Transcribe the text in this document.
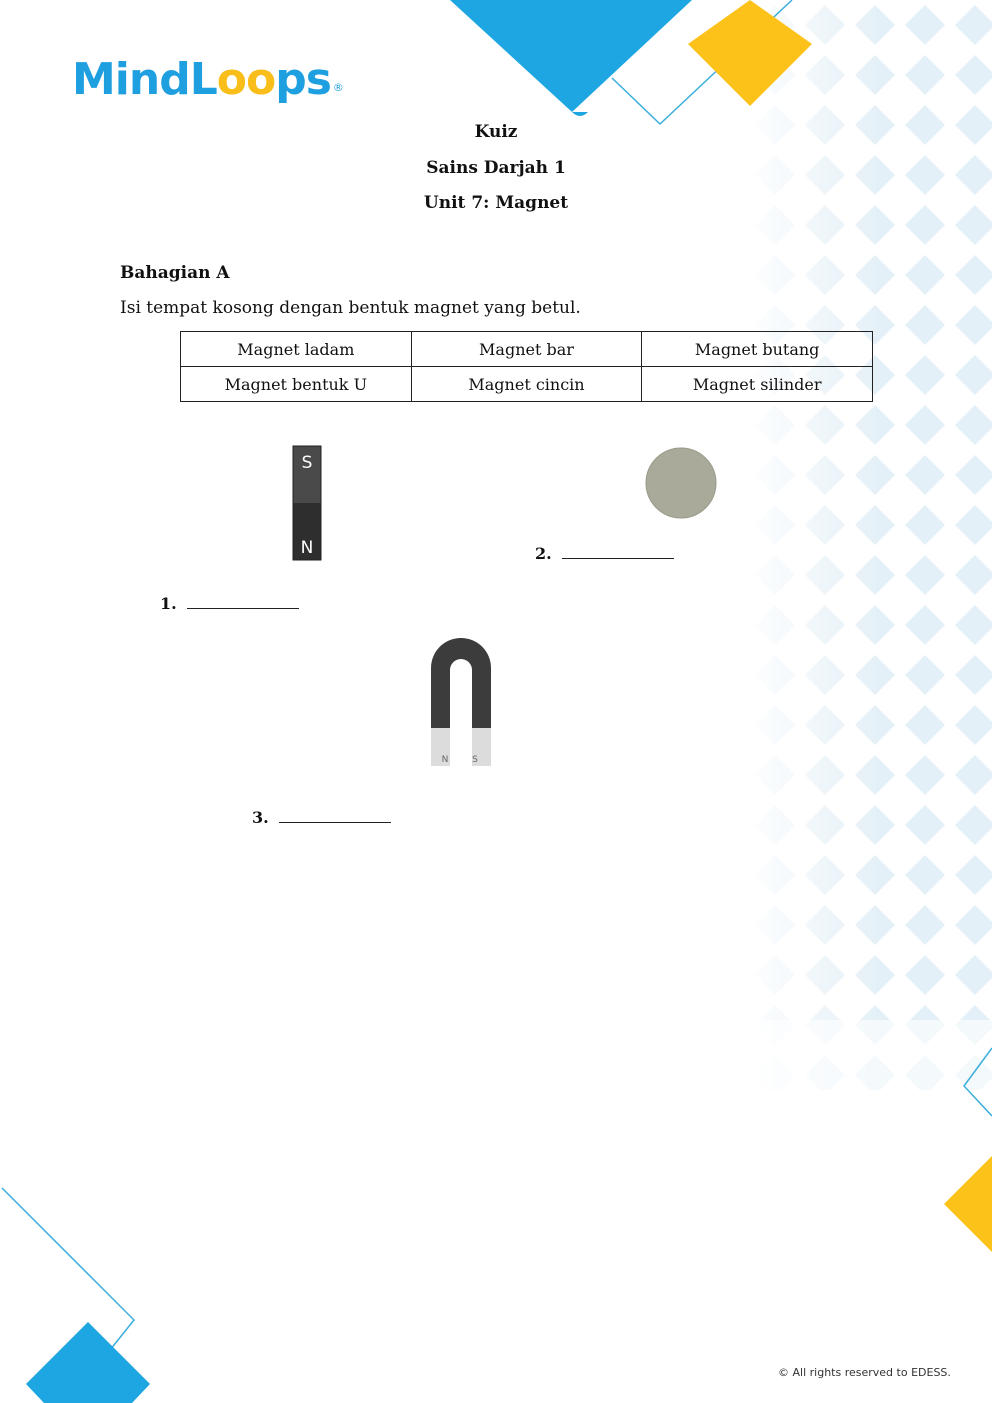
MindLoops ®
Kuiz
Sains Darjah 1
Unit 7: Magnet
Bahagian A
Isi tempat kosong dengan bentuk magnet yang betul.
Magnet ladam	Magnet bar	Magnet butang
Magnet bentuk U	Magnet cincin	Magnet silinder
S
N
1.
2.
N	S
3.
© All rights reserved to EDESS.
